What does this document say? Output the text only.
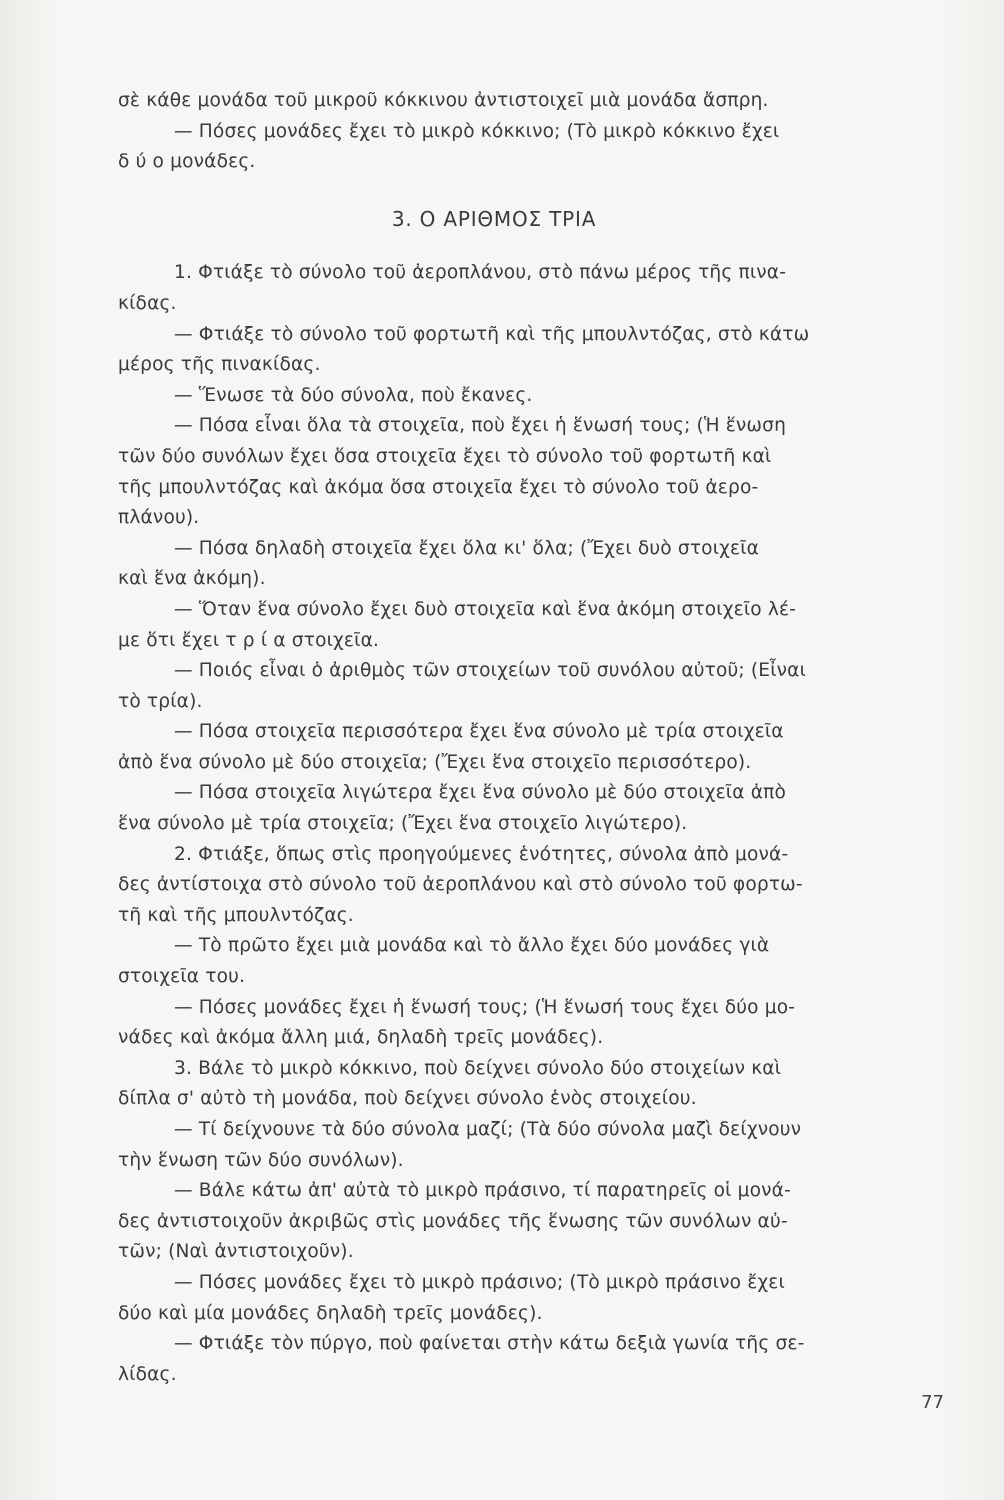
σὲ κάθε μονάδα τοῦ μικροῦ κόκκινου ἀντιστοιχεῖ μιὰ μονάδα ἄσπρη.
— Πόσες μονάδες ἔχει τὸ μικρὸ κόκκινο; (Τὸ μικρὸ κόκκινο ἔχει
δ ύ ο μονάδες.
3. Ο ΑΡΙΘΜΟΣ ΤΡΙΑ
1. Φτιάξε τὸ σύνολο τοῦ ἀεροπλάνου, στὸ πάνω μέρος τῆς πινα-
κίδας.
— Φτιάξε τὸ σύνολο τοῦ φορτωτῆ καὶ τῆς μπουλντόζας, στὸ κάτω
μέρος τῆς πινακίδας.
— Ἕνωσε τὰ δύο σύνολα, ποὺ ἔκανες.
— Πόσα εἶναι ὅλα τὰ στοιχεῖα, ποὺ ἔχει ἡ ἕνωσή τους; (Ἡ ἕνωση
τῶν δύο συνόλων ἔχει ὅσα στοιχεῖα ἔχει τὸ σύνολο τοῦ φορτωτῆ καὶ
τῆς μπουλντόζας καὶ ἀκόμα ὅσα στοιχεῖα ἔχει τὸ σύνολο τοῦ ἀερο-
πλάνου).
— Πόσα δηλαδὴ στοιχεῖα ἔχει ὅλα κι' ὅλα; (Ἔχει δυὸ στοιχεῖα
καὶ ἕνα ἀκόμη).
— Ὅταν ἕνα σύνολο ἔχει δυὸ στοιχεῖα καὶ ἕνα ἀκόμη στοιχεῖο λέ-
με ὅτι ἔχει τ ρ ί α στοιχεῖα.
— Ποιός εἶναι ὁ ἀριθμὸς τῶν στοιχείων τοῦ συνόλου αὐτοῦ; (Εἶναι
τὸ τρία).
— Πόσα στοιχεῖα περισσότερα ἔχει ἕνα σύνολο μὲ τρία στοιχεῖα
ἀπὸ ἕνα σύνολο μὲ δύο στοιχεῖα; (Ἔχει ἕνα στοιχεῖο περισσότερο).
— Πόσα στοιχεῖα λιγώτερα ἔχει ἕνα σύνολο μὲ δύο στοιχεῖα ἀπὸ
ἕνα σύνολο μὲ τρία στοιχεῖα; (Ἔχει ἕνα στοιχεῖο λιγώτερο).
2. Φτιάξε, ὅπως στὶς προηγούμενες ἑνότητες, σύνολα ἀπὸ μονά-
δες ἀντίστοιχα στὸ σύνολο τοῦ ἀεροπλάνου καὶ στὸ σύνολο τοῦ φορτω-
τῆ καὶ τῆς μπουλντόζας.
— Τὸ πρῶτο ἔχει μιὰ μονάδα καὶ τὸ ἄλλο ἔχει δύο μονάδες γιὰ
στοιχεῖα του.
— Πόσες μονάδες ἔχει ἡ ἕνωσή τους; (Ἡ ἕνωσή τους ἔχει δύο μο-
νάδες καὶ ἀκόμα ἄλλη μιά, δηλαδὴ τρεῖς μονάδες).
3. Βάλε τὸ μικρὸ κόκκινο, ποὺ δείχνει σύνολο δύο στοιχείων καὶ
δίπλα σ' αὐτὸ τὴ μονάδα, ποὺ δείχνει σύνολο ἑνὸς στοιχείου.
— Τί δείχνουνε τὰ δύο σύνολα μαζί; (Τὰ δύο σύνολα μαζὶ δείχνουν
τὴν ἕνωση τῶν δύο συνόλων).
— Βάλε κάτω ἀπ' αὐτὰ τὸ μικρὸ πράσινο, τί παρατηρεῖς οἱ μονά-
δες ἀντιστοιχοῦν ἀκριβῶς στὶς μονάδες τῆς ἕνωσης τῶν συνόλων αὐ-
τῶν; (Ναὶ ἀντιστοιχοῦν).
— Πόσες μονάδες ἔχει τὸ μικρὸ πράσινο; (Τὸ μικρὸ πράσινο ἔχει
δύο καὶ μία μονάδες δηλαδὴ τρεῖς μονάδες).
— Φτιάξε τὸν πύργο, ποὺ φαίνεται στὴν κάτω δεξιὰ γωνία τῆς σε-
λίδας.
77
